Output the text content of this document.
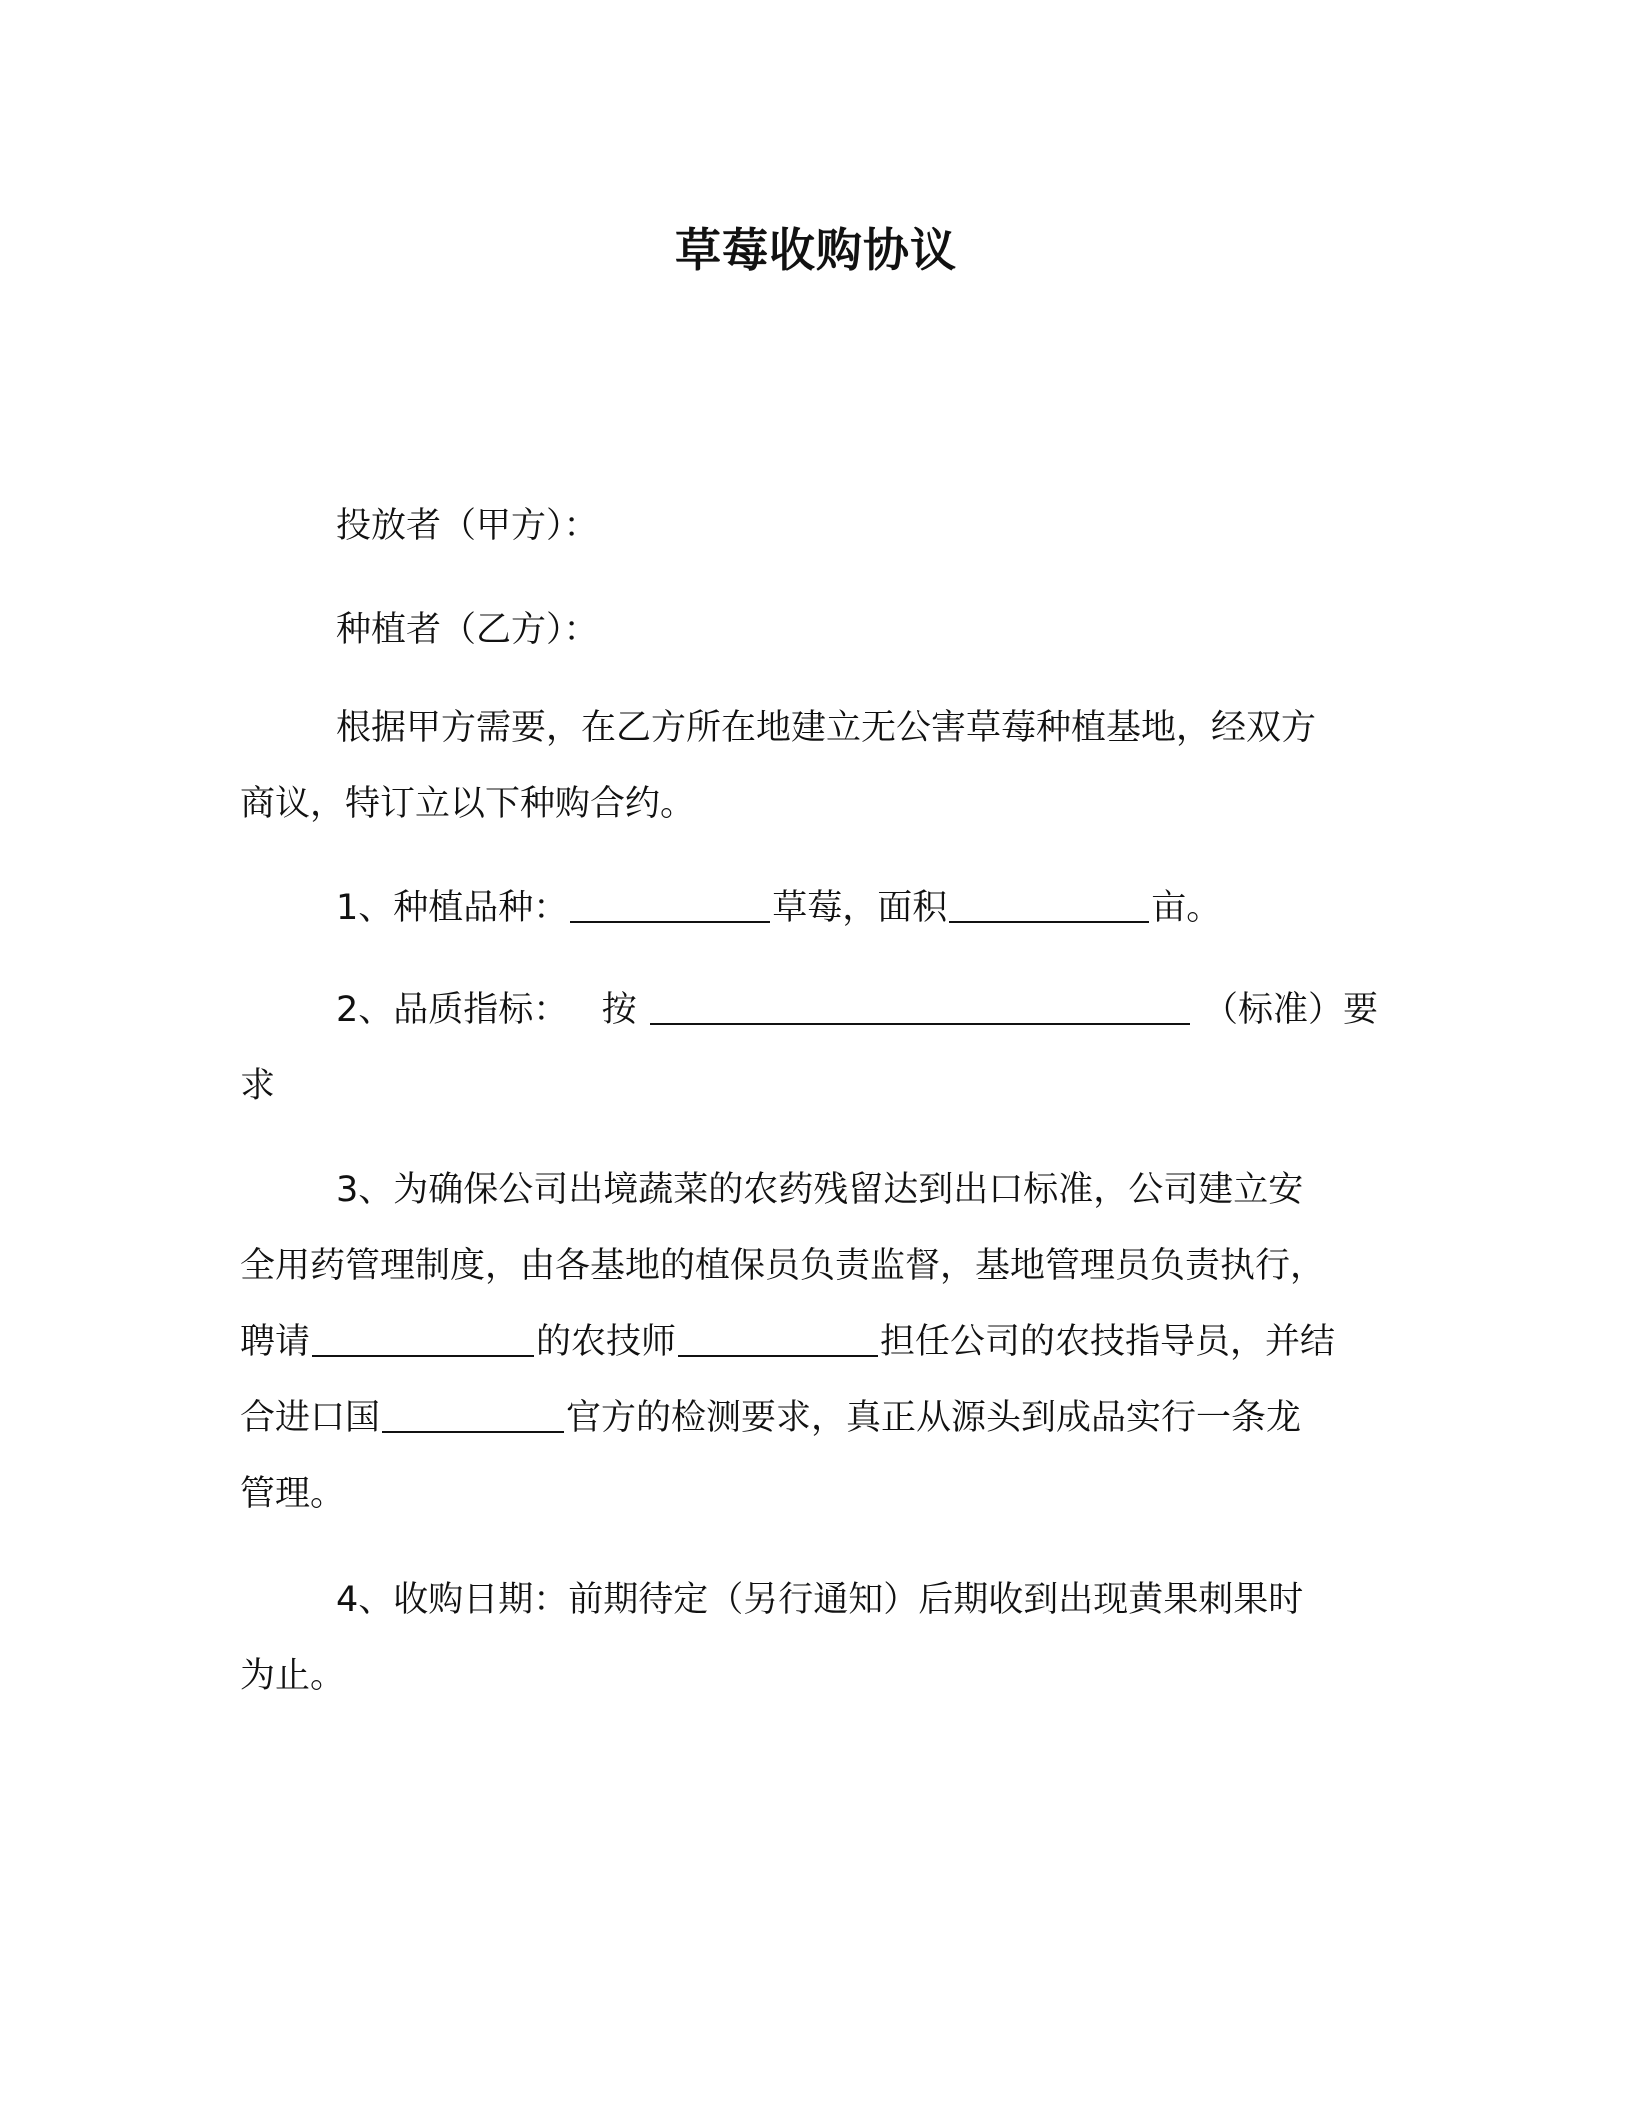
草莓收购协议
投放者（甲方）：
种植者（乙方）：
根据甲方需要，在乙方所在地建立无公害草莓种植基地，经双方
商议，特订立以下种购合约。
1、种植品种：	草莓，面积	亩。
2、品质指标： 按	（标准）要
求
3、为确保公司出境蔬菜的农药残留达到出口标准，公司建立安
全用药管理制度，由各基地的植保员负责监督，基地管理员负责执行，
聘请	的农技师	担任公司的农技指导员，并结
合进口国	官方的检测要求，真正从源头到成品实行一条龙
管理。
4、收购日期：前期待定（另行通知）后期收到出现黄果刺果时
为止。
